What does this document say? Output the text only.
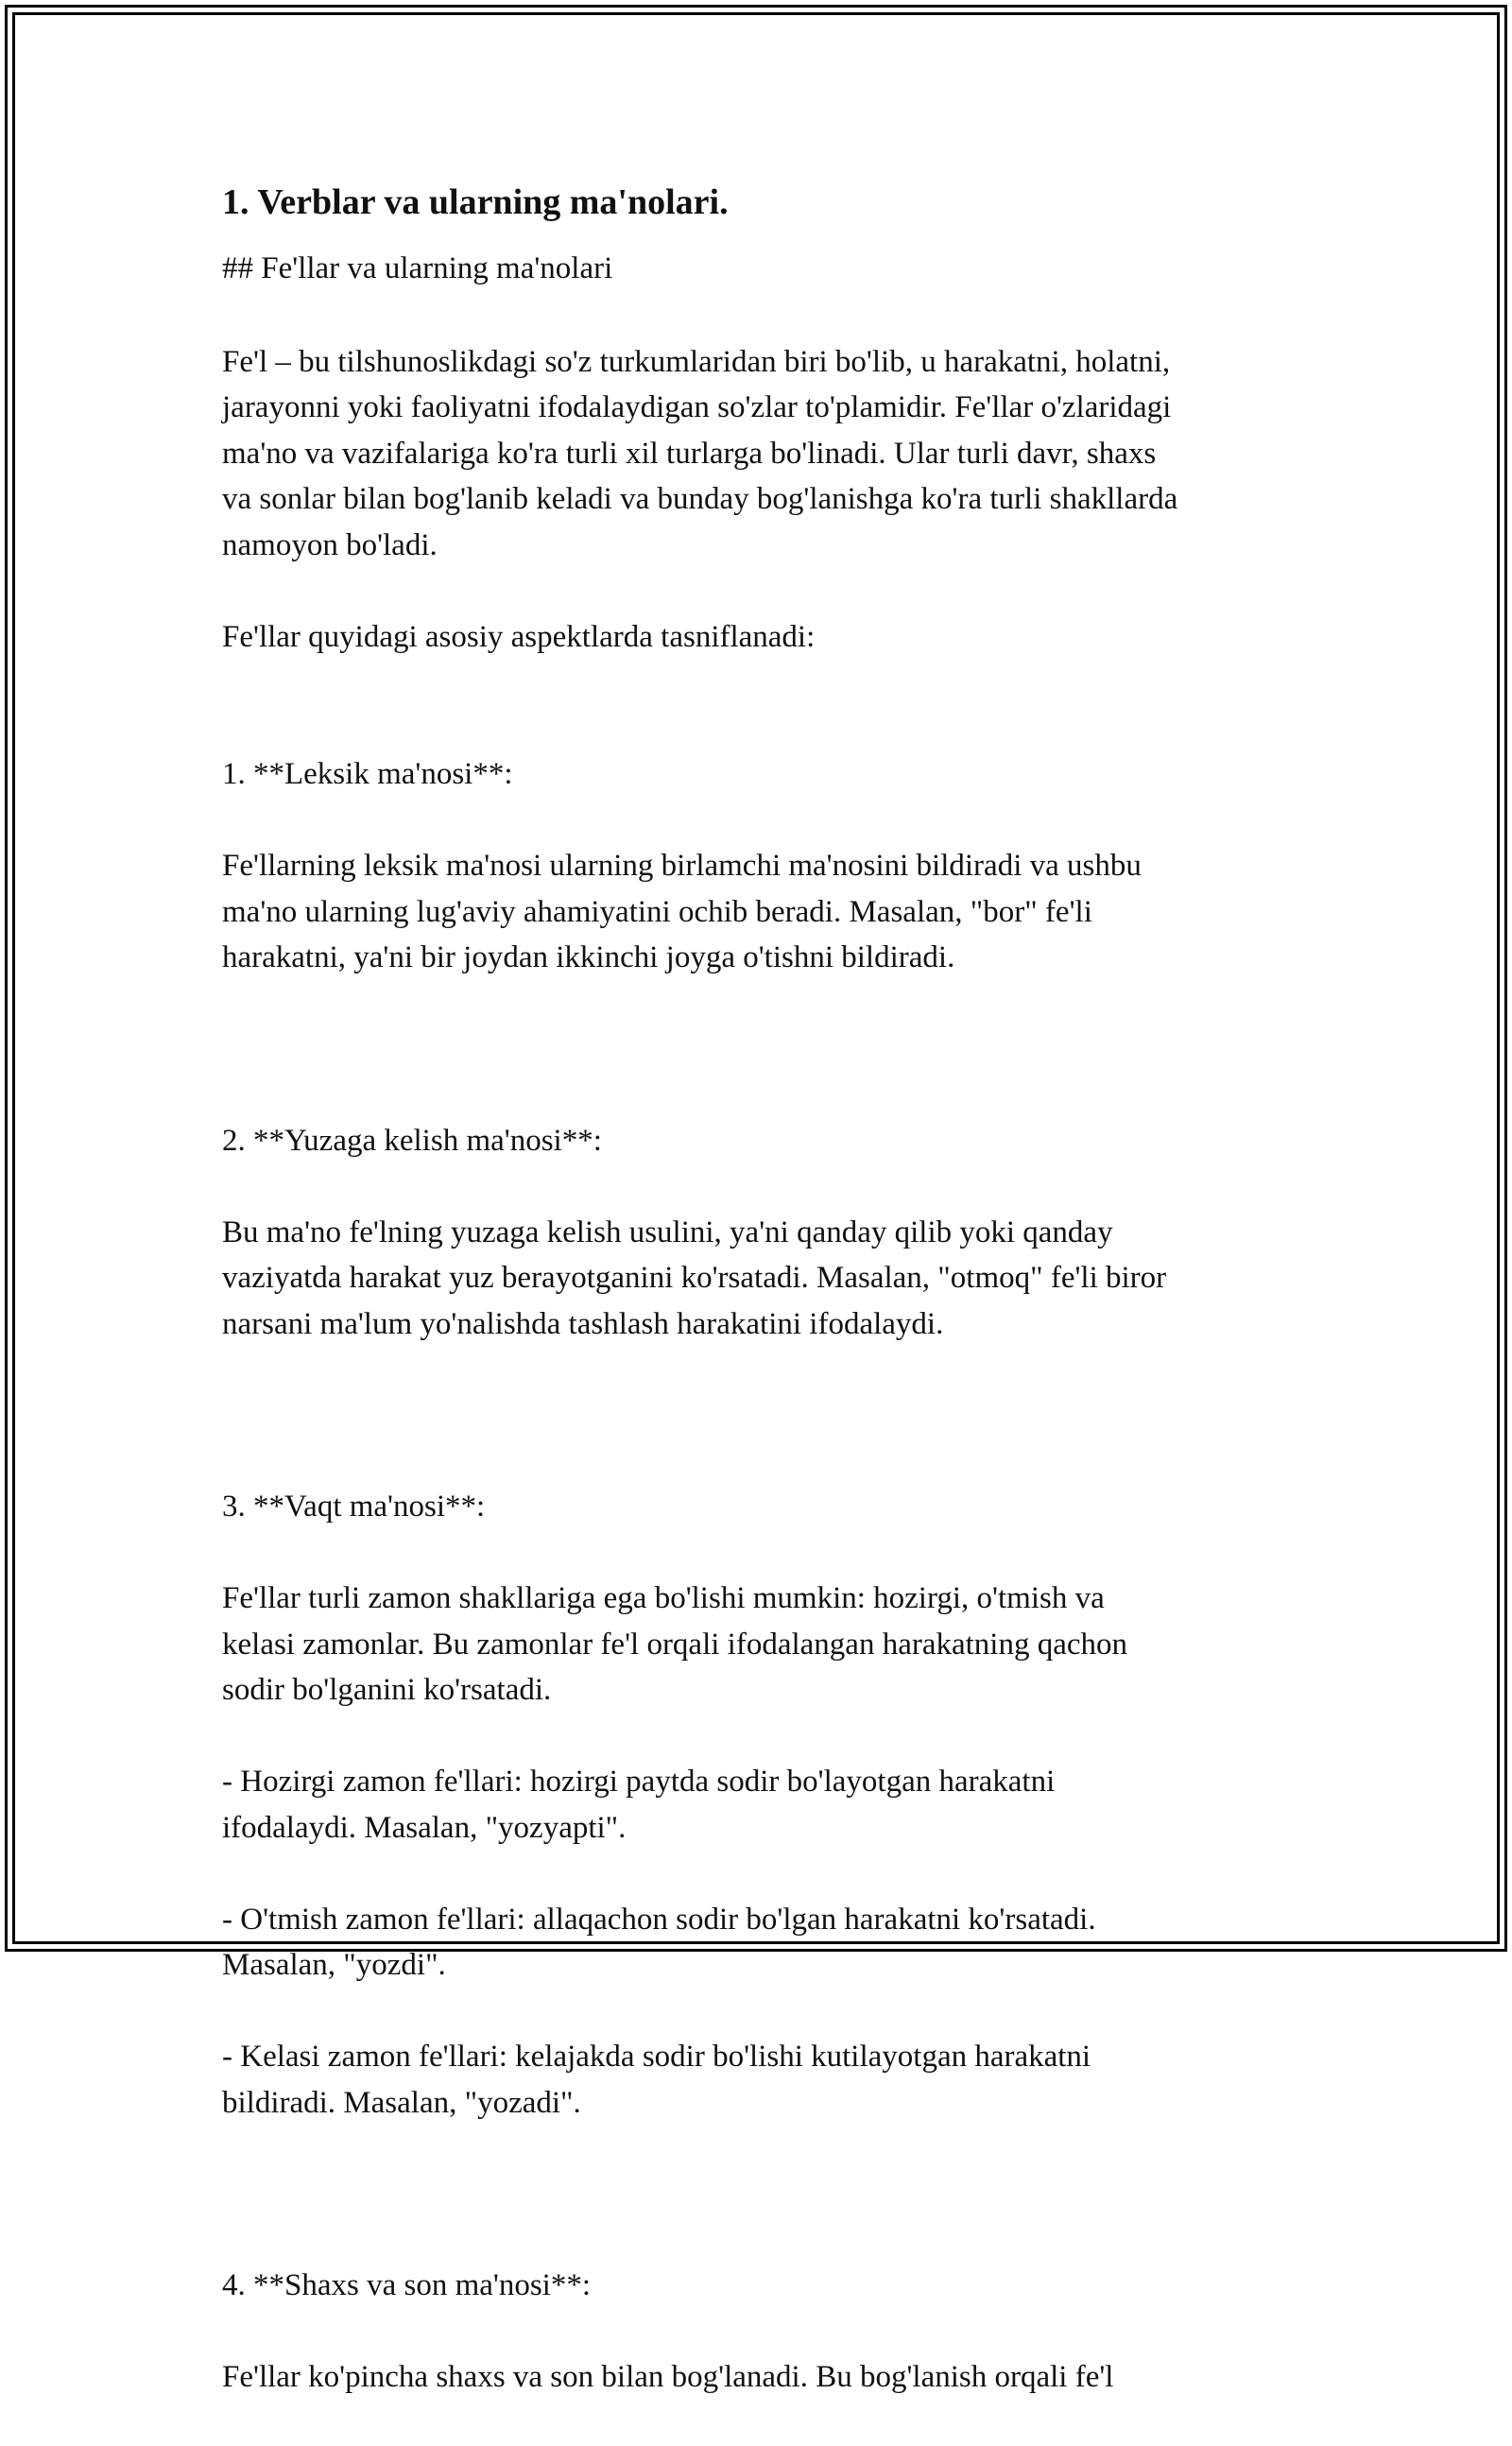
1. Verblar va ularning ma'nolari.

## Fe'llar va ularning ma'nolari

Fe'l – bu tilshunoslikdagi so'z turkumlaridan biri bo'lib, u harakatni, holatni,
jarayonni yoki faoliyatni ifodalaydigan so'zlar to'plamidir. Fe'llar o'zlaridagi
ma'no va vazifalariga ko'ra turli xil turlarga bo'linadi. Ular turli davr, shaxs
va sonlar bilan bog'lanib keladi va bunday bog'lanishga ko'ra turli shakllarda
namoyon bo'ladi.

Fe'llar quyidagi asosiy aspektlarda tasniflanadi:

1. **Leksik ma'nosi**:

Fe'llarning leksik ma'nosi ularning birlamchi ma'nosini bildiradi va ushbu
ma'no ularning lug'aviy ahamiyatini ochib beradi. Masalan, "bor" fe'li
harakatni, ya'ni bir joydan ikkinchi joyga o'tishni bildiradi.

2. **Yuzaga kelish ma'nosi**:

Bu ma'no fe'lning yuzaga kelish usulini, ya'ni qanday qilib yoki qanday
vaziyatda harakat yuz berayotganini ko'rsatadi. Masalan, "otmoq" fe'li biror
narsani ma'lum yo'nalishda tashlash harakatini ifodalaydi.

3. **Vaqt ma'nosi**:

Fe'llar turli zamon shakllariga ega bo'lishi mumkin: hozirgi, o'tmish va
kelasi zamonlar. Bu zamonlar fe'l orqali ifodalangan harakatning qachon
sodir bo'lganini ko'rsatadi.

- Hozirgi zamon fe'llari: hozirgi paytda sodir bo'layotgan harakatni
ifodalaydi. Masalan, "yozyapti".

- O'tmish zamon fe'llari: allaqachon sodir bo'lgan harakatni ko'rsatadi.
Masalan, "yozdi".

- Kelasi zamon fe'llari: kelajakda sodir bo'lishi kutilayotgan harakatni
bildiradi. Masalan, "yozadi".

4. **Shaxs va son ma'nosi**:

Fe'llar ko'pincha shaxs va son bilan bog'lanadi. Bu bog'lanish orqali fe'l
